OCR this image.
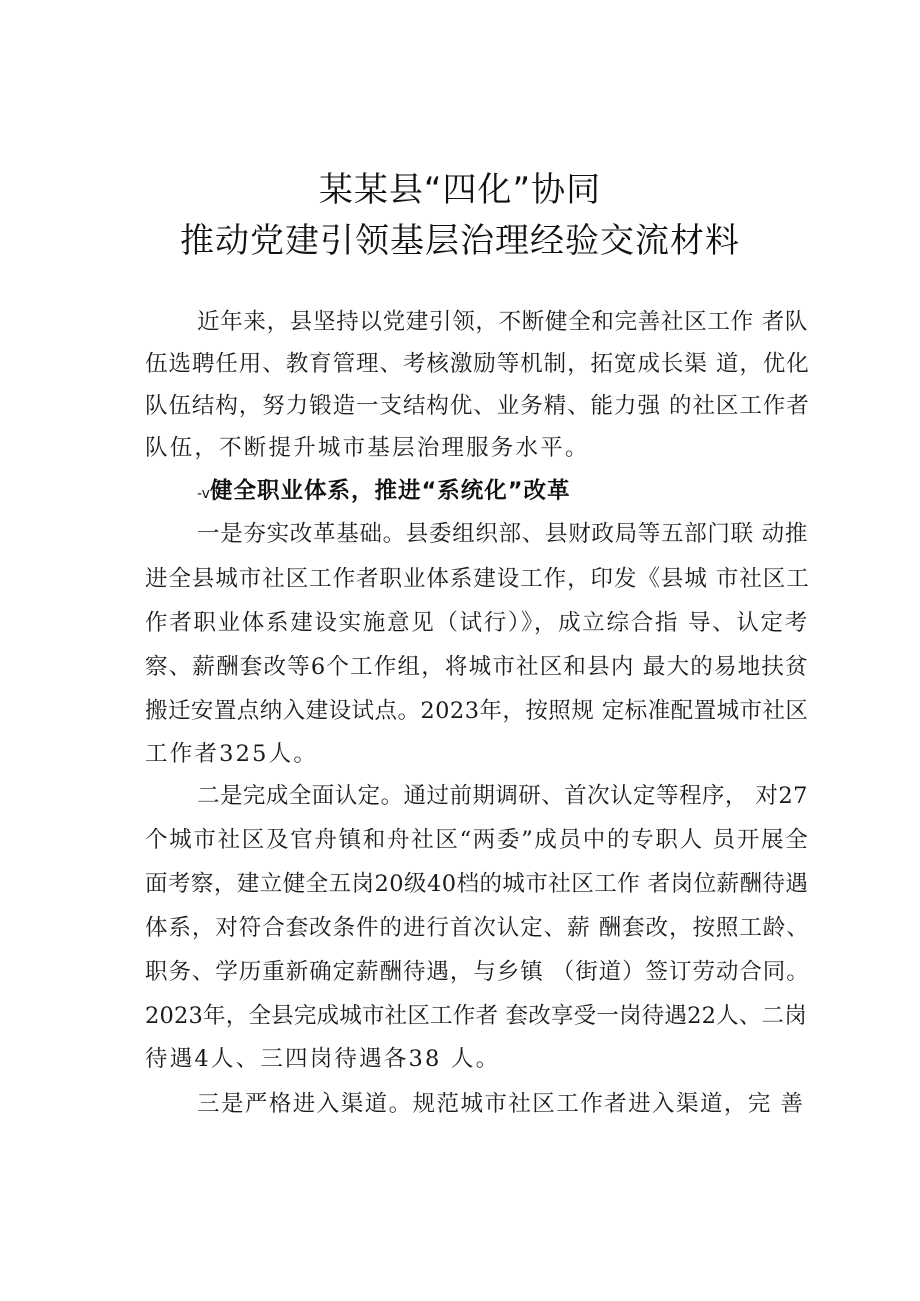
某某县“四化”协同
推动党建引领基层治理经验交流材料
近年来，县坚持以党建引领，不断健全和完善社区工作 者队
伍选聘任用、教育管理、考核激励等机制，拓宽成长渠 道，优化
队伍结构，努力锻造一支结构优、业务精、能力强 的社区工作者
队伍，不断提升城市基层治理服务水平。
-v健全职业体系，推进“系统化”改革
一是夯实改革基础。县委组织部、县财政局等五部门联 动推
进全县城市社区工作者职业体系建设工作，印发《县城 市社区工
作者职业体系建设实施意见（试行）》，成立综合指 导、认定考
察、薪酬套改等6个工作组，将城市社区和县内 最大的易地扶贫
搬迁安置点纳入建设试点。2023年，按照规 定标准配置城市社区
工作者325人。
二是完成全面认定。通过前期调研、首次认定等程序， 对27
个城市社区及官舟镇和舟社区“两委”成员中的专职人 员开展全
面考察，建立健全五岗20级40档的城市社区工作 者岗位薪酬待遇
体系，对符合套改条件的进行首次认定、薪 酬套改，按照工龄、
职务、学历重新确定薪酬待遇，与乡镇 （街道）签订劳动合同。
2023年，全县完成城市社区工作者 套改享受一岗待遇22人、二岗
待遇4人、三四岗待遇各38 人。
三是严格进入渠道。规范城市社区工作者进入渠道，完 善
